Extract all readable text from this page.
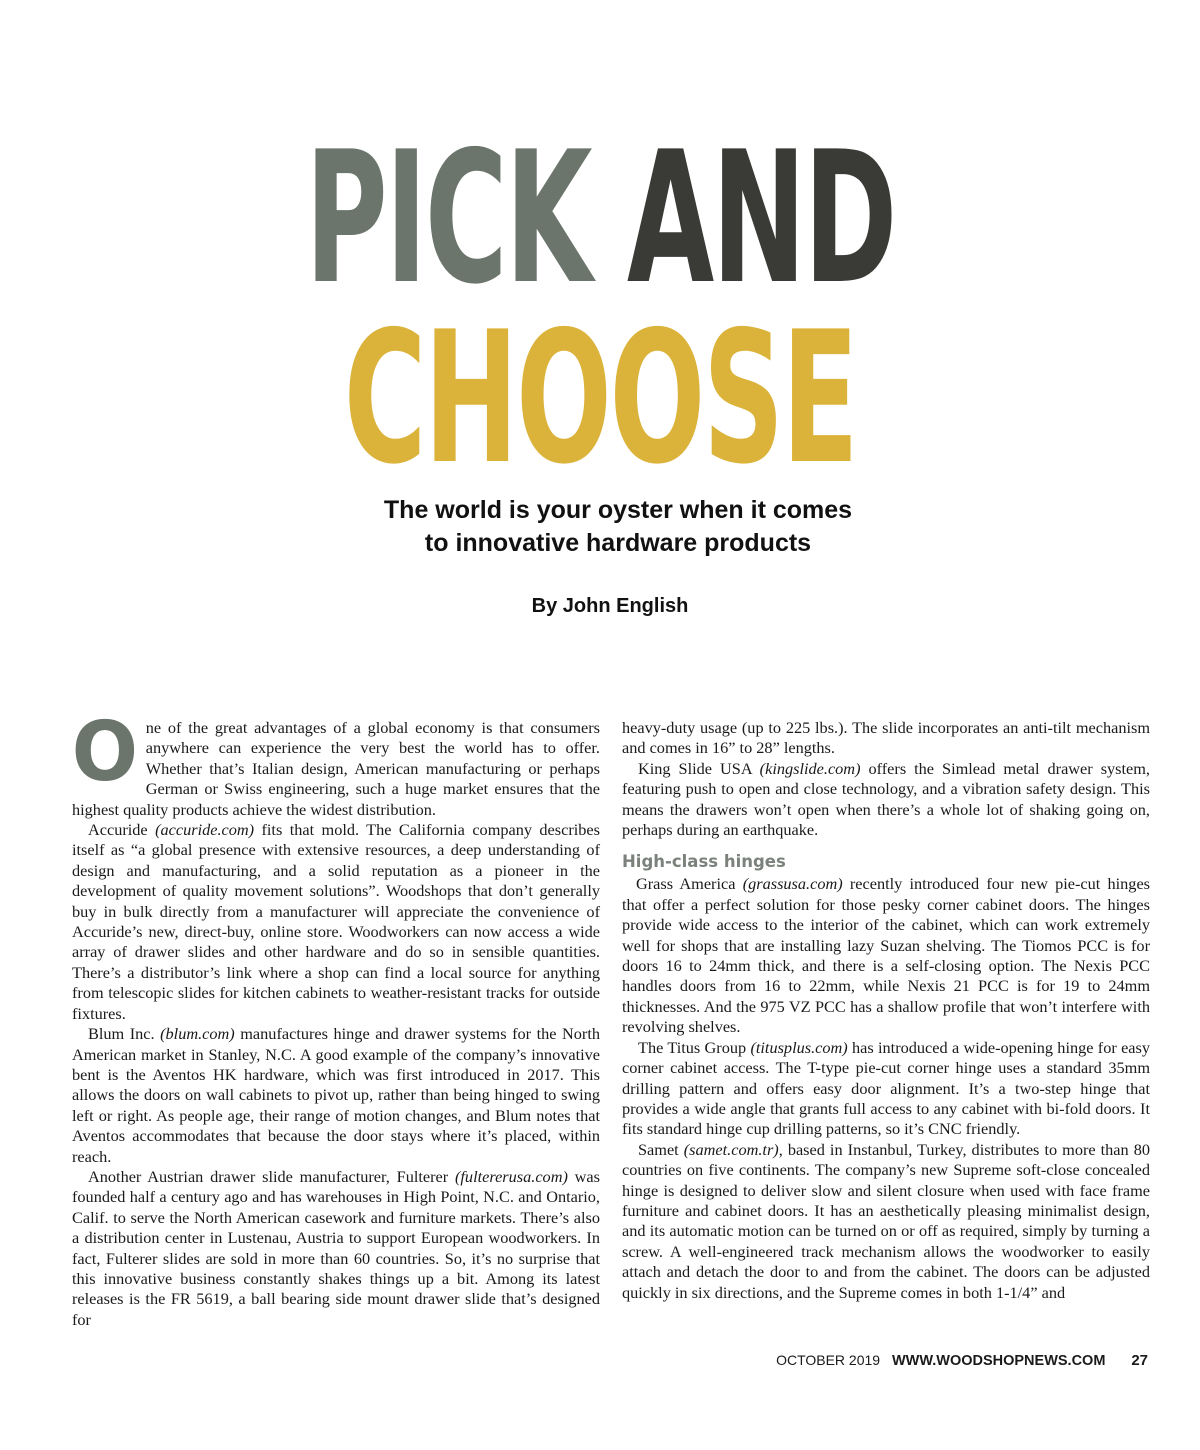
PICK AND
CHOOSE
The world is your oyster when it comes
to innovative hardware products
By John English

One of the great advantages of a global economy is that consumers anywhere can experience the very best the world has to offer. Whether that’s Italian design, American manufacturing or perhaps German or Swiss engineering, such a huge market ensures that the highest quality products achieve the widest distribution.

Accuride (accuride.com) fits that mold. The California company describes itself as “a global presence with extensive resources, a deep understanding of design and manufacturing, and a solid reputation as a pioneer in the development of quality movement solutions”. Woodshops that don’t generally buy in bulk directly from a manufacturer will appreciate the convenience of Accuride’s new, direct-buy, online store. Woodworkers can now access a wide array of drawer slides and other hardware and do so in sensible quantities. There’s a distributor’s link where a shop can find a local source for anything from telescopic slides for kitchen cabinets to weather-resistant tracks for outside fixtures.

Blum Inc. (blum.com) manufactures hinge and drawer systems for the North American market in Stanley, N.C. A good example of the company’s innovative bent is the Aventos HK hardware, which was first introduced in 2017. This allows the doors on wall cabinets to pivot up, rather than being hinged to swing left or right. As people age, their range of motion changes, and Blum notes that Aventos accommodates that because the door stays where it’s placed, within reach.

Another Austrian drawer slide manufacturer, Fulterer (fultererusa.com) was founded half a century ago and has warehouses in High Point, N.C. and Ontario, Calif. to serve the North American casework and furniture markets. There’s also a distribution center in Lustenau, Austria to support European woodworkers. In fact, Fulterer slides are sold in more than 60 countries. So, it’s no surprise that this innovative business constantly shakes things up a bit. Among its latest releases is the FR 5619, a ball bearing side mount drawer slide that’s designed for

heavy-duty usage (up to 225 lbs.). The slide incorporates an anti-tilt mechanism and comes in 16” to 28” lengths.

King Slide USA (kingslide.com) offers the Simlead metal drawer system, featuring push to open and close technology, and a vibration safety design. This means the drawers won’t open when there’s a whole lot of shaking going on, perhaps during an earthquake.

High-class hinges

Grass America (grassusa.com) recently introduced four new pie-cut hinges that offer a perfect solution for those pesky corner cabinet doors. The hinges provide wide access to the interior of the cabinet, which can work extremely well for shops that are installing lazy Suzan shelving. The Tiomos PCC is for doors 16 to 24mm thick, and there is a self-closing option. The Nexis PCC handles doors from 16 to 22mm, while Nexis 21 PCC is for 19 to 24mm thicknesses. And the 975 VZ PCC has a shallow profile that won’t interfere with revolving shelves.

The Titus Group (titusplus.com) has introduced a wide-opening hinge for easy corner cabinet access. The T-type pie-cut corner hinge uses a standard 35mm drilling pattern and offers easy door alignment. It’s a two-step hinge that provides a wide angle that grants full access to any cabinet with bi-fold doors. It fits standard hinge cup drilling patterns, so it’s CNC friendly.

Samet (samet.com.tr), based in Instanbul, Turkey, distributes to more than 80 countries on five continents. The company’s new Supreme soft-close concealed hinge is designed to deliver slow and silent closure when used with face frame furniture and cabinet doors. It has an aesthetically pleasing minimalist design, and its automatic motion can be turned on or off as required, simply by turning a screw. A well-engineered track mechanism allows the woodworker to easily attach and detach the door to and from the cabinet. The doors can be adjusted quickly in six directions, and the Supreme comes in both 1-1/4” and

OCTOBER 2019 WWW.WOODSHOPNEWS.COM 27
